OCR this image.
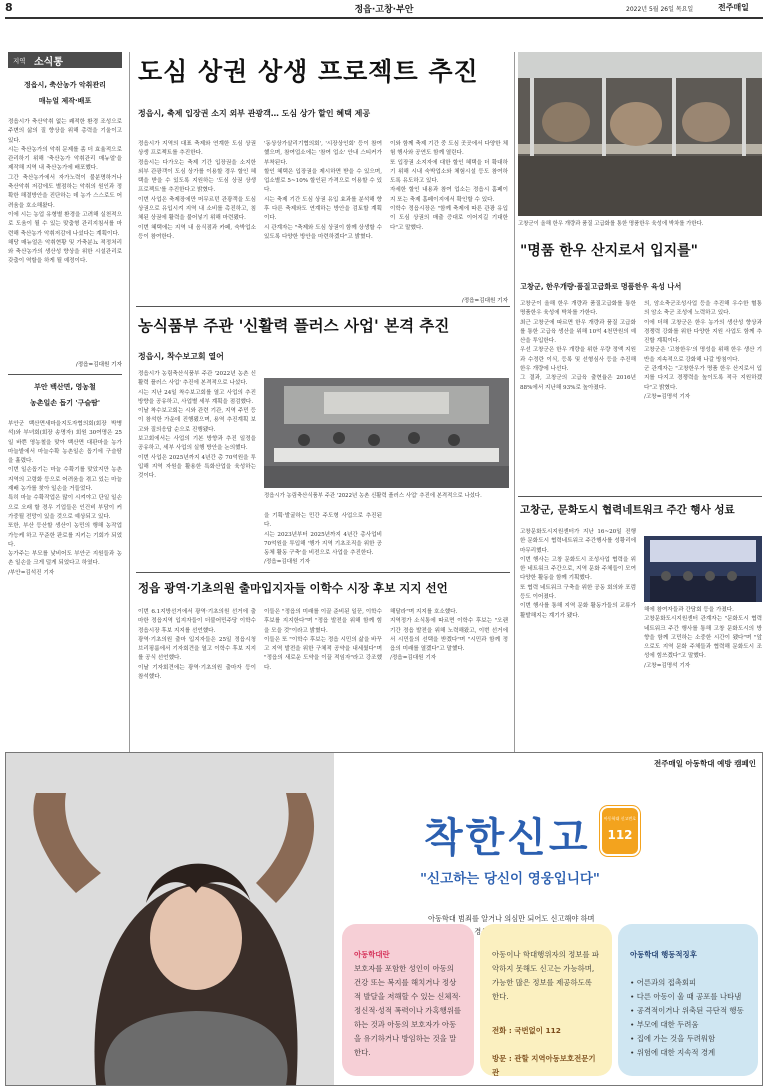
8	정읍·고창·부안	2022년 5월 26일 목요일	전주매일
지역 소식통
정읍시, 축산농가 악취관리
매뉴얼 제작·배포
정읍시가 축산악취 없는 쾌적한 환경 조성으로 주변의 삶의 질 향상을 위해 총력을 기울이고 있다.
시는 축산농가의 악취 문제를 좀 더 효율적으로 관리하기 위해 '축산농가 악취관리 매뉴얼'을 제작해 지역 내 축산농가에 배포했다.
그간 축산농가에서 자가노력이 불분명하거나 축산악취 저감에도 별점하는 악취의 원인과 정확한 해결방안을 진단하는 데 농가 스스로도 어려움을 호소해왔다.
이에 시는 농업 유형별 환경을 고려해 실천적으로 도움이 될 수 있는 맞춤형 관리지침서를 마련해 축산농가 악취저감에 나섰다는 계획이다.
해당 매뉴얼은 악취현황 및 가축분뇨 적정처리와 축산농가의 생산성 향상을 위한 시설관리로 갖춤이 역할을 하게 될 예정이다.
/정읍=김대원 기자
부안 백산면, 영농철
농촌일손 돕기 '구슬땀'
부안군 백산면새마을지도자협의회(회장 박병석)와 부녀회(회장 송명자) 회원 30여명은 25일 바쁜 영농철을 맞아 백산면 대판마을 농가 마늘밭에서 마늘수확 농촌일손 돕기에 구슬땀을 흘렸다.
이번 일손돕기는 마늘 수확기를 맞았지만 농촌지역의 고령화 등으로 어려움을 겪고 있는 마늘 재배 농가를 찾아 일손을 거들었다.
특히 마늘 수확작업은 많이 시켜야고 단일 일손으로 오래 할 경우 기업들은 인건비 부담이 커 가중될 전망이 있을 것으로 예상되고 있다.
또한, 부산 등산할 생산이 농민의 행해 농작업 가능케 하고 꾸준한 판로를 지키는 기회가 되었다.
농가주는 부모를 낯비어도 부안군 지원들과 농촌 일손을 크게 덜게 되었다고 하였다.
/부안=김석진 기자
도심 상권 상생 프로젝트 추진
정읍시, 축제 입장권 소지 외부 관광객… 도심 상가 할인 혜택 제공
정읍시가 지역의 대표 축제와 연계한 도심 상권 상생 프로젝트를 추진한다.
정읍시는 다가오는 축제 기간 입장권을 소지한 외부 관광객이 도심 상가를 이용할 경우 할인 혜택을 받을 수 있도록 지원하는 '도심 상권 상생 프로젝트'를 추진한다고 밝혔다.
이번 사업은 축제장에만 머무르던 관광객을 도심 상권으로 유입시켜 지역 내 소비를 촉진하고, 침체된 상권에 활력을 불어넣기 위해 마련됐다.
이번 혜택에는 지역 내 음식점과 카페, 숙박업소 등이 참여한다.
'동상상가살리기협의회', '시장상인회' 등이 참여했으며, 참여업소에는 '참여 업소' 안내 스티커가 부착된다.
할인 혜택은 입장권을 제시하면 받을 수 있으며, 업소별로 5~10% 할인된 가격으로 이용할 수 있다.
시는 축제 기간 도심 상권 유입 효과를 분석해 향후 다른 축제와도 연계하는 방안을 검토할 계획이다.
시 관계자는 "축제와 도심 상권이 함께 상생할 수 있도록 다양한 방안을 마련하겠다"고 밝혔다.
이와 함께 축제 기간 중 도심 곳곳에서 다양한 체험 행사와 공연도 함께 열린다.
또 입장권 소지자에 대한 할인 혜택을 더 확대하기 위해 시내 숙박업소와 체험시설 등도 참여하도록 유도하고 있다.
자세한 할인 내용과 참여 업소는 정읍시 홈페이지 또는 축제 홈페이지에서 확인할 수 있다.
이학수 정읍시장은 "함께 축제에 따른 관광 유입이 도심 상권의 매출 증대로 이어지길 기대한다"고 말했다.
/정읍=김대원 기자
농식품부 주관 '신활력 플러스 사업' 본격 추진
정읍시, 착수보고회 열어
정읍시가 농림축산식품부 주관 '2022년 농촌 신활력 플러스 사업' 추진에 본격적으로 나섰다.
시는 지난 24일 착수보고회를 열고 사업의 추진 방향을 공유하고, 사업별 세부 계획을 점검했다.
이날 착수보고회는 시와 관련 기관, 지역 주민 등이 참석한 가운데 진행됐으며, 용역 추진계획 보고와 질의응답 순으로 진행됐다.
보고회에서는 사업의 기본 방향과 추진 일정을 공유하고, 세부 사업의 실행 방안을 논의했다.
이번 사업은 2025년까지 4년간 총 70억원을 투입해 지역 자원을 활용한 특화산업을 육성하는 것이다.
정읍시가 농림축산식품부 주관 '2022년 농촌 신활력 플러스 사업' 추진에 본격적으로 나섰다.
을 기획·발굴하는 민간 주도형 사업으로 추진된다.
시는 2023년부터 2025년까지 4년간 총사업비 70억원을 투입해 '행가 지역 기초조직을 위한 공동체 활동 구축'을 비전으로 사업을 추진한다.
/정읍=김대원 기자
정읍 광역·기초의원 출마입지자들 이학수 시장 후보 지지 선언
이번 6.1지방선거에서 광역·기초의원 선거에 출마한 정읍지역 입지자들이 더불어민주당 이학수 정읍시장 후보 지지를 선언했다.
광역·기초의원 출마 입지자들은 25일 정읍시청 브리핑룸에서 기자회견을 열고 이학수 후보 지지를 공식 선언했다.
이날 기자회견에는 광역·기초의원 출마자 등이 참석했다.
이들은 "정읍의 미래를 이끌 준비된 일꾼, 이학수 후보를 지지한다"며 "정읍 발전을 위해 함께 힘을 모을 것"이라고 밝혔다.
이들은 또 "이학수 후보는 정읍 시민의 삶을 바꾸고 지역 발전을 위한 구체적 공약을 내세웠다"며 "정읍의 새로운 도약을 이끌 적임자"라고 강조했다.
해달라"며 지지를 호소했다.
지역정가 소식통에 따르면 이학수 후보는 "오랜 기간 정읍 발전을 위해 노력해왔고, 이번 선거에서 시민들의 선택을 받겠다"며 "시민과 함께 정읍의 미래를 열겠다"고 말했다.
/정읍=김대원 기자
고창군이 올해 한우 개량과 품질 고급화를 통한 명품한우 육성에 박차를 가한다.
"명품 한우 산지로서 입지를"
고창군, 한우개량·품질고급화로 명품한우 육성 나서
고창군이 올해 한우 개량과 품질고급화를 통한 명품한우 육성에 박차를 가한다.
최근 고창군에 따르면 한우 개량과 품질 고급화를 통한 고급육 생산을 위해 10억 4천만원의 예산을 투입한다.
우선 고창군은 한우 개량을 위한 우량 정액 지원과 수정란 이식, 등록 및 선형심사 등을 추진해 한우 개량에 나선다.
그 결과, 고창군의 고급육 출현율은 2016년 88%에서 지난해 93%로 높아졌다.
의, 암소축군조성사업 등을 추진해 우수한 혈통의 암소 축군 조성에 노력하고 있다.
이에 더해 고창군은 한우 농가의 생산성 향상과 경쟁력 강화를 위한 다양한 지원 사업도 함께 추진할 계획이다.
고창군은 '고창한우'의 명성을 위해 한우 생산 기반을 지속적으로 강화해 나갈 방침이다.
군 관계자는 "고창한우가 명품 한우 산지로서 입지를 다지고 경쟁력을 높이도록 적극 지원하겠다"고 밝혔다.
/고창=김명석 기자
고창군, 문화도시 협력네트워크 주간 행사 성료
고창문화도시지원센터가 지난 16~20일 진행한 문화도시 협력네트워크 주간행사를 성황리에 마무리했다.
이번 행사는 고창 문화도시 조성사업 협력을 위한 네트워크 주간으로, 지역 문화 주체들이 모여 다양한 활동을 함께 기획했다.
또 협력 네트워크 구축을 위한 공동 회의와 포럼 등도 이어졌다.
이번 행사를 통해 지역 문화 활동가들의 교류가 활발해지는 계기가 됐다.
해에 참여자들과 간담회 등을 가졌다.
고창문화도시지원센터 관계자는 "문화도시 협력네트워크 주간 행사를 통해 고창 문화도시의 방향을 함께 고민하는 소중한 시간이 됐다"며 "앞으로도 지역 문화 주체들과 협력해 문화도시 조성에 힘쓰겠다"고 말했다.
/고창=김명석 기자
전주매일 아동학대 예방 캠페인
착한신고	아동학대 신고번호
112
"신고하는 당신이 영웅입니다"
아동학대 범죄를 알거나 의심만 되어도 신고해야 하며

아동학대란
보호자를 포함한 성인이 아동의 건강 또는 복지를 해치거나 정상적 발달을 저해할 수 있는 신체적·정신적·성적 폭력이나 가혹행위를 하는 것과 아동의 보호자가 아동을 유기하거나 방임하는 것을 말한다.

아동이나 학대행위자의 정보를 파악하지 못해도 신고는 가능하며, 가능한 많은 정보를 제공하도록 한다.

전화 : 국번없이 112

방문 : 관할 지역아동보호전문기관

아동학대 행동적징후

• 어른과의 접촉회피
• 다른 아동이 울 때 공포를 나타냄
• 공격적이거나 위축된 극단적 행동
• 부모에 대한 두려움
• 집에 가는 것을 두려워함
• 위험에 대한 지속적 경계
